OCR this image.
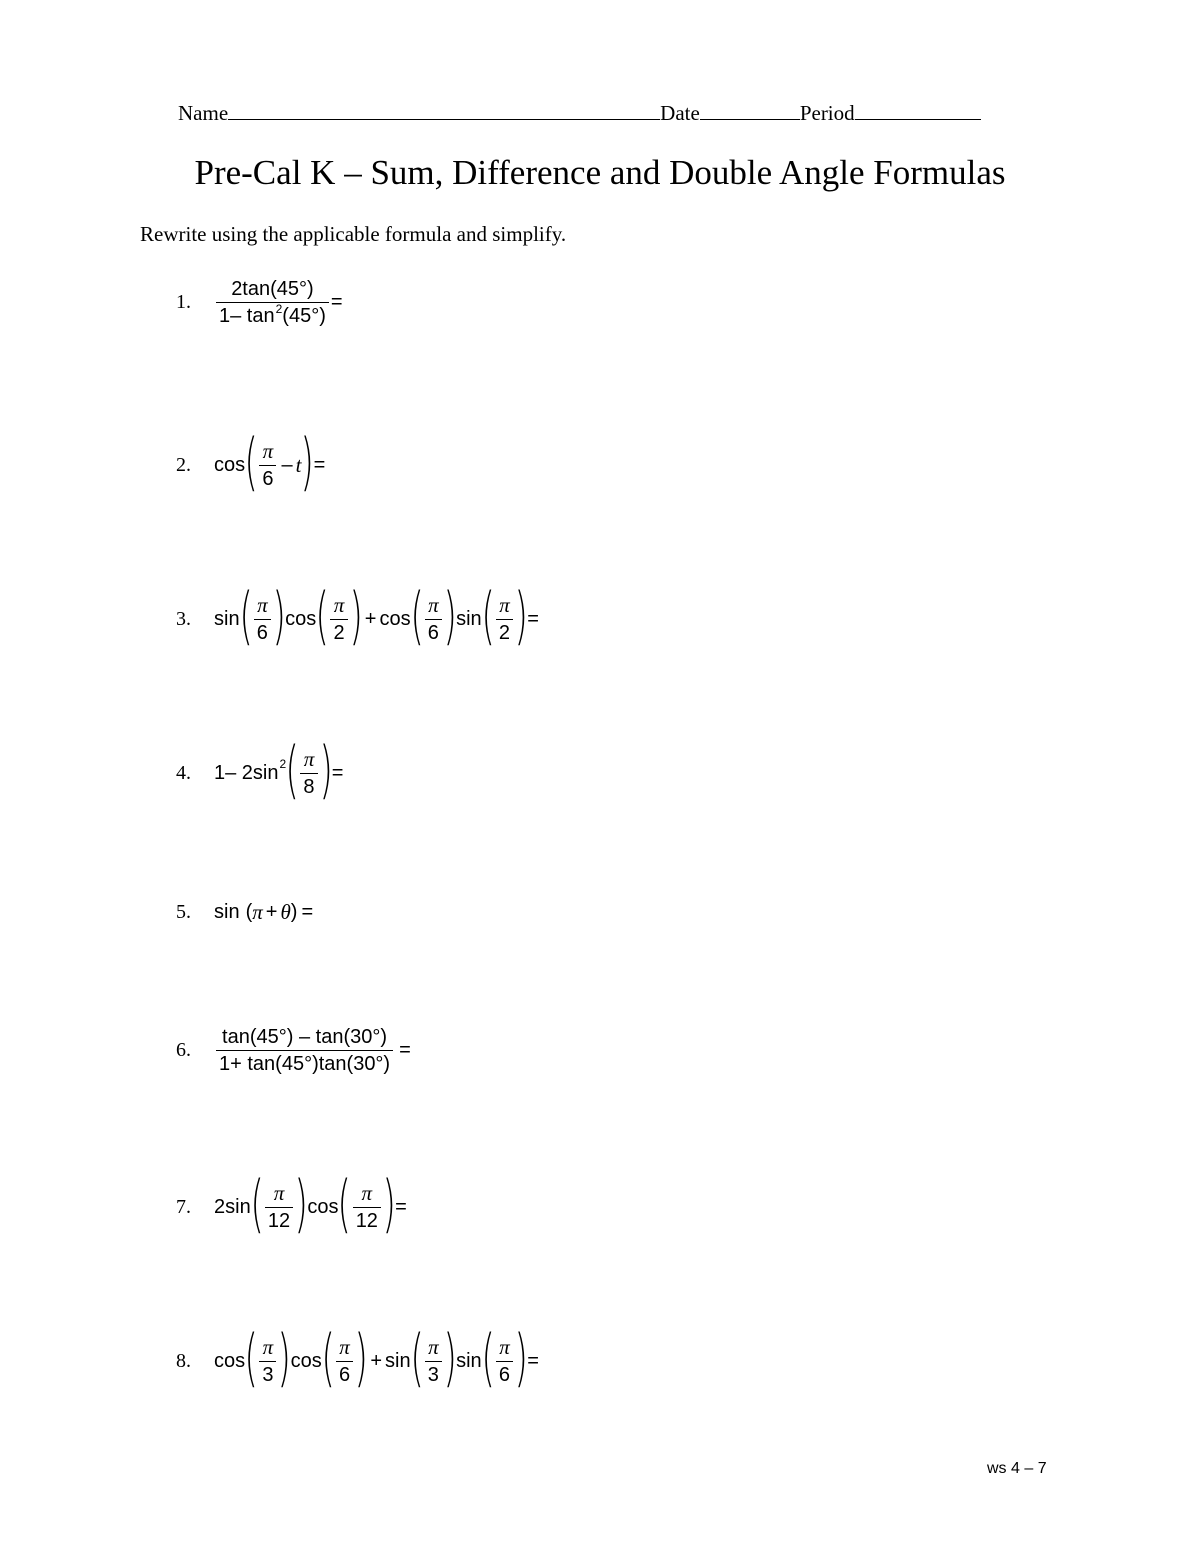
Name	Date	Period
Pre-Cal K – Sum, Difference and Double Angle Formulas
Rewrite using the applicable formula and simplify.
1.	$\frac{2\tan(45^\circ)}{1- \tan^2(45^\circ)}$ =
2.	cos ( $\frac{\pi}{6}$ – t ) =
3.	sin ( $\frac{\pi}{6}$ ) cos ( $\frac{\pi}{2}$ ) + cos ( $\frac{\pi}{6}$ ) sin ( $\frac{\pi}{2}$ ) =
4.	1– 2sin 2 ( $\frac{\pi}{8}$ ) =
5.	sin ( π + θ ) =
6.	$\frac{\tan(45^\circ) - \tan(30^\circ)}{1+ \tan(45^\circ)\tan(30^\circ)}$ =
7.	2sin ( $\frac{\pi}{12}$ ) cos ( $\frac{\pi}{12}$ ) =
8.	cos ( $\frac{\pi}{3}$ ) cos ( $\frac{\pi}{6}$ ) + sin ( $\frac{\pi}{3}$ ) sin ( $\frac{\pi}{6}$ ) =
ws 4 – 7
